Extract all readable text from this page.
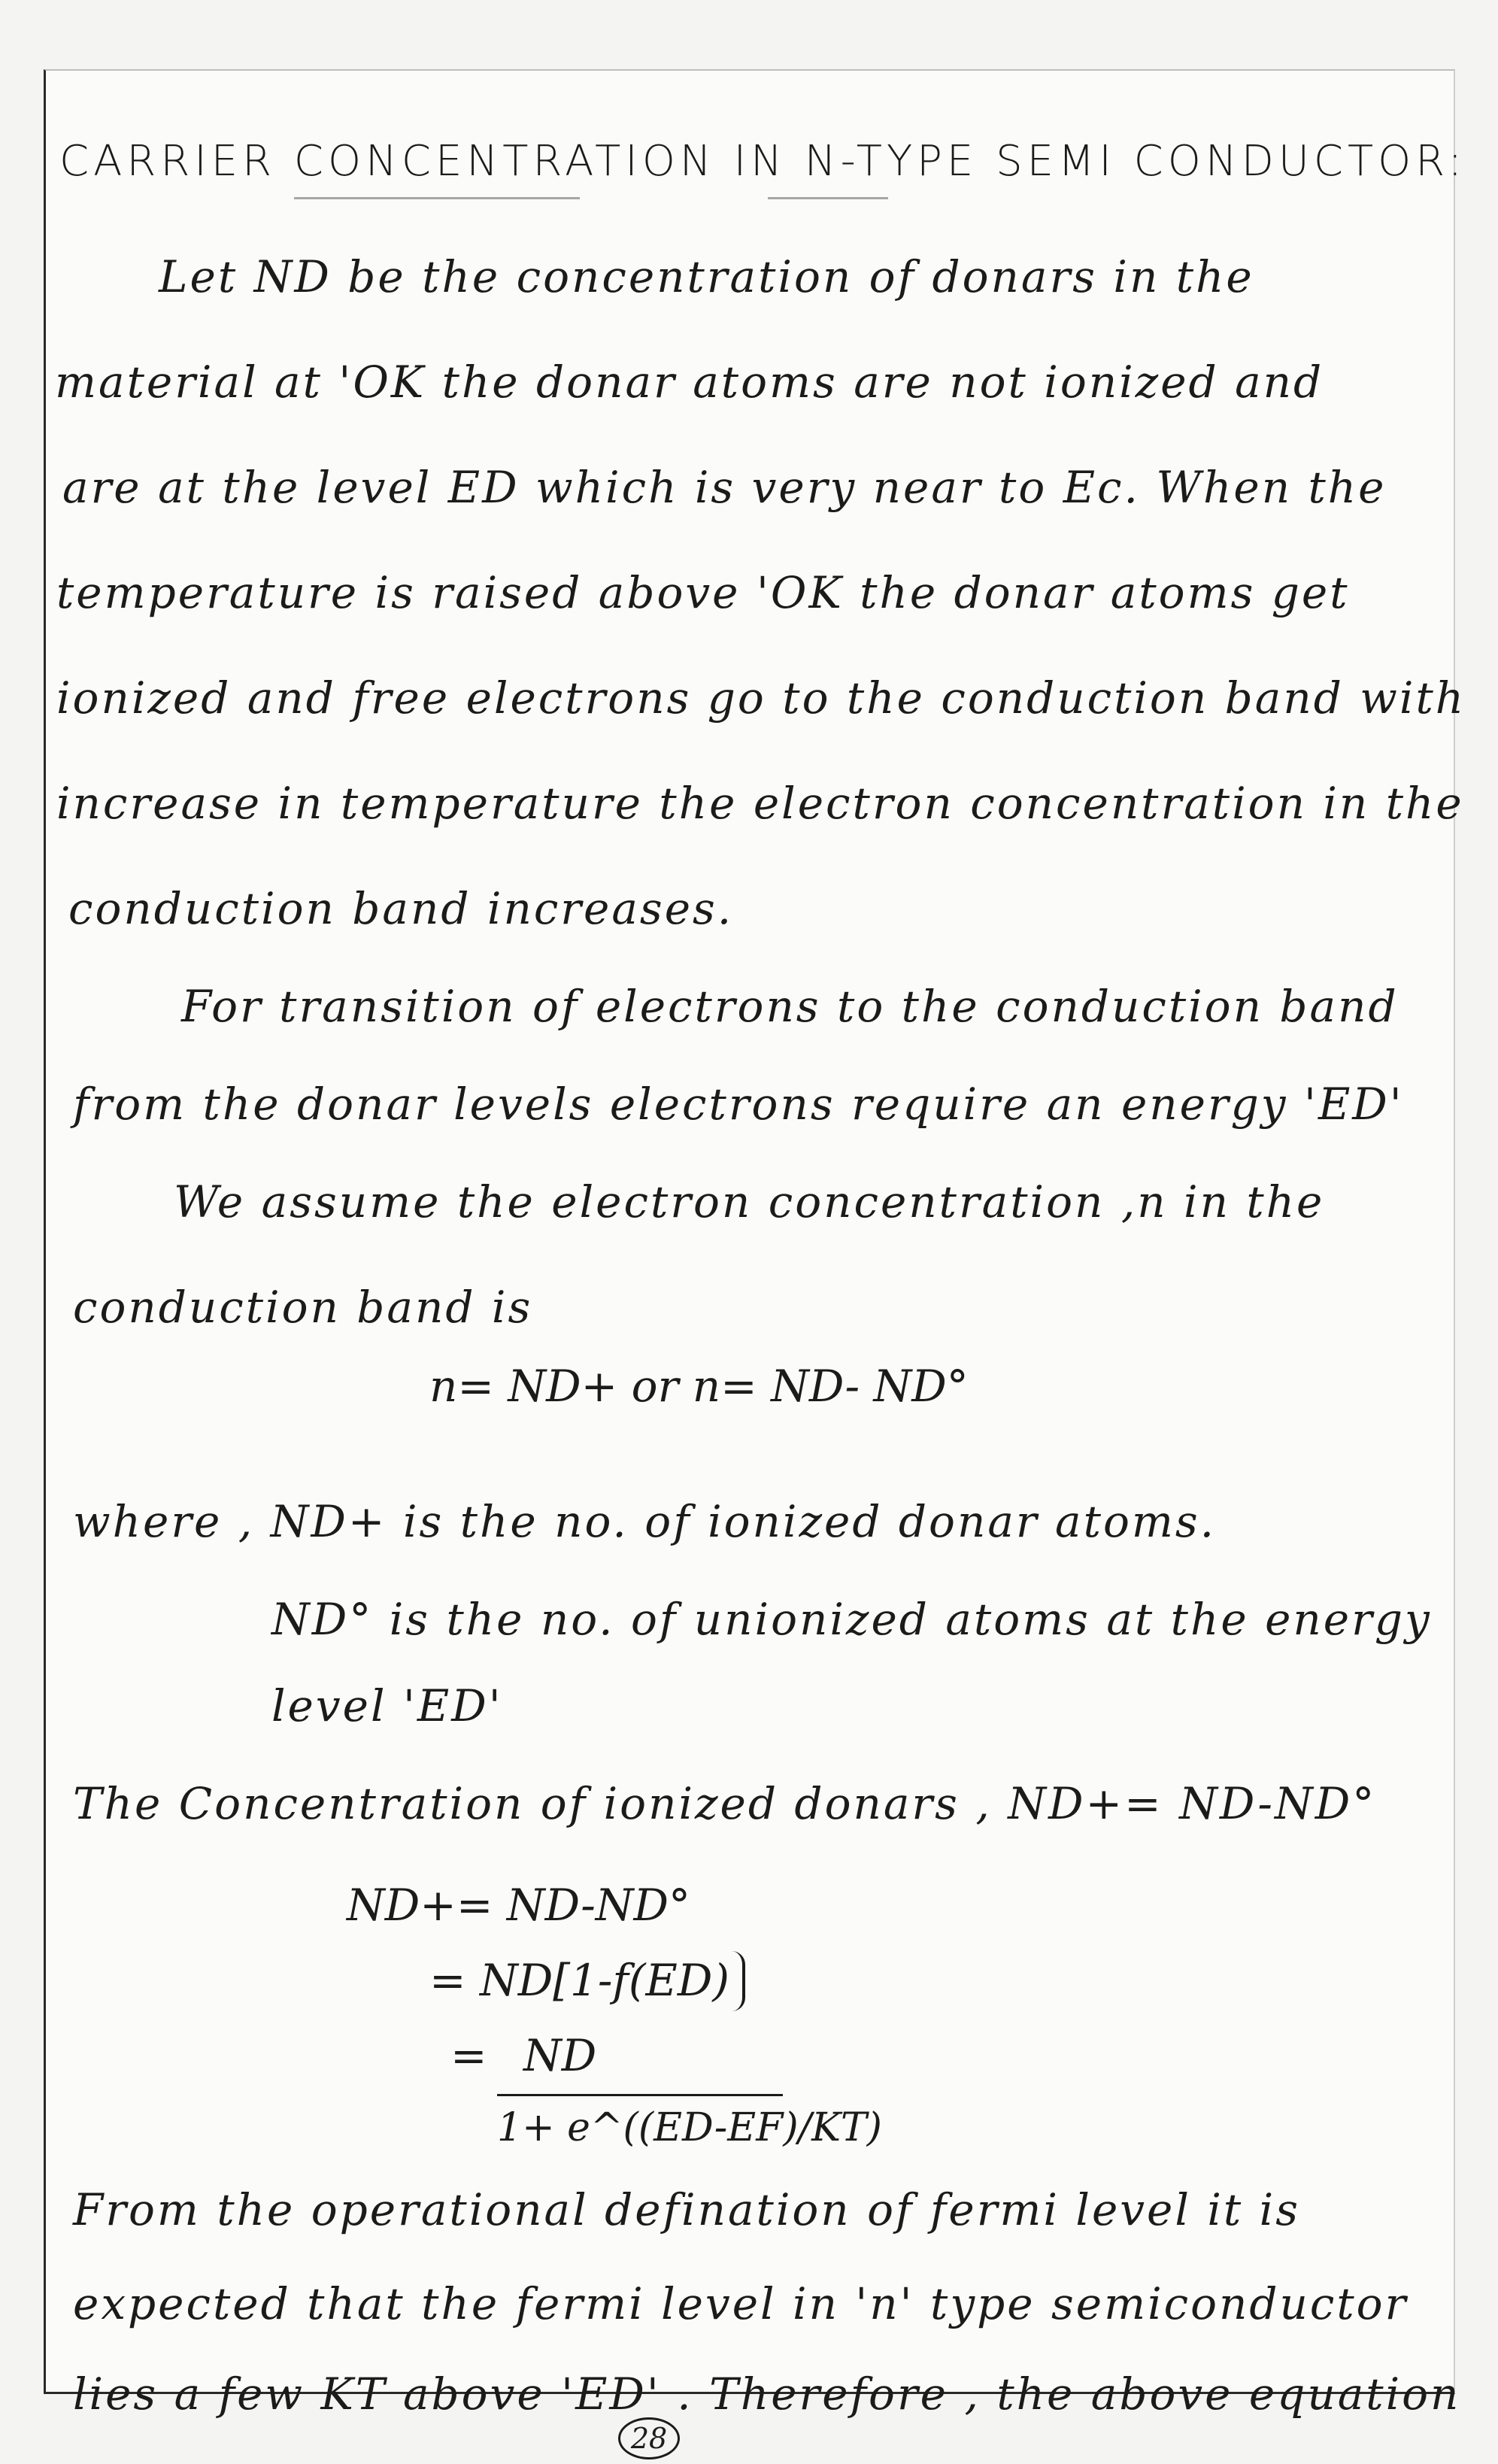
CARRIER CONCENTRATION IN N-TYPE SEMI CONDUCTOR:
Let ND be the concentration of donars in the
material at 'OK the donar atoms are not ionized and
are at the level ED which is very near to Ec. When the
temperature is raised above 'OK the donar atoms get
ionized and free electrons go to the conduction band with
increase in temperature the electron concentration in the
conduction band increases.
For transition of electrons to the conduction band
from the donar levels electrons require an energy 'ED'
We assume the electron concentration ,n in the
conduction band is
n= ND+ or n= ND- ND°
where , ND+ is the no. of ionized donar atoms.
ND° is the no. of unionized atoms at the energy
level 'ED'
The Concentration of ionized donars , ND+= ND-ND°
ND+= ND-ND°
= ND[1-f(ED)
= ND
1+ e^((ED-EF)/KT)
From the operational defination of fermi level it is
expected that the fermi level in 'n' type semiconductor
lies a few KT above 'ED' . Therefore , the above equation
28
